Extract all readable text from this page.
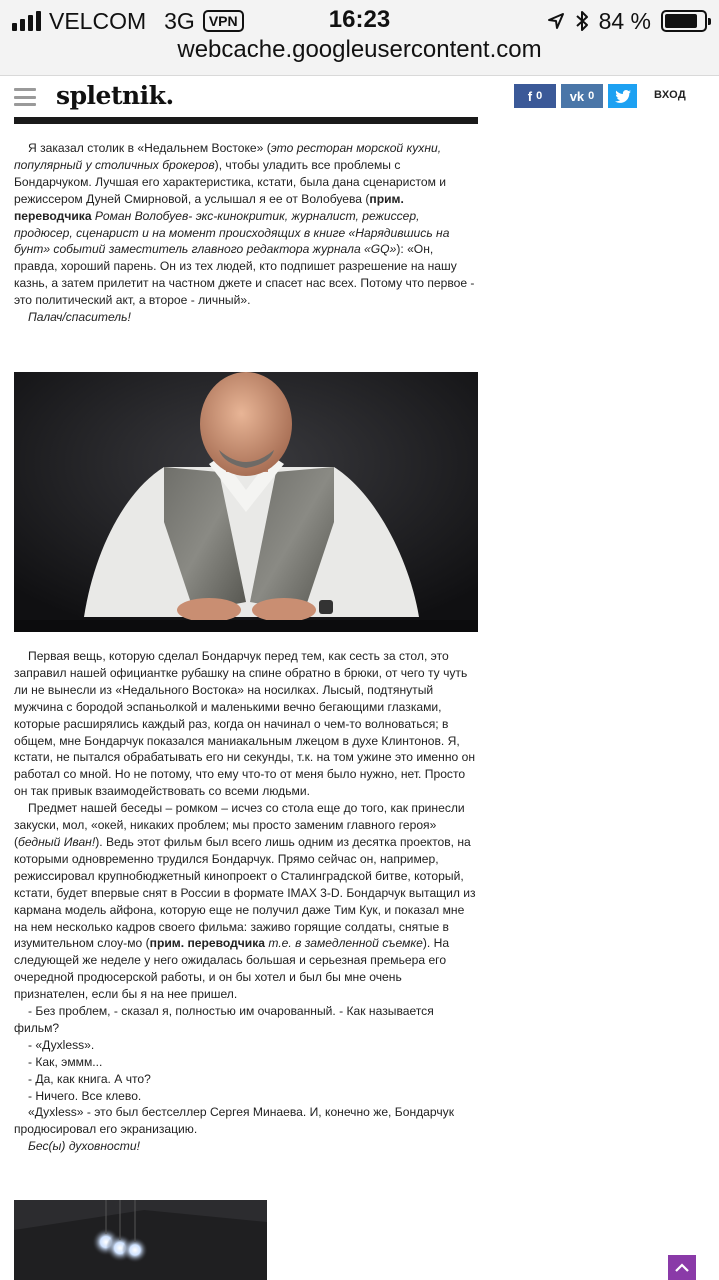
VELCOM 3G	VPN	16:23	84 %
webcache.googleusercontent.com
spletnik.	f 0 vk 0	ВХОД

Я заказал столик в «Недальнем Востоке» (это ресторан морской кухни, популярный у столичных брокеров), чтобы уладить все проблемы с Бондарчуком. Лучшая его характеристика, кстати, была дана сценаристом и режиссером Дуней Смирновой, а услышал я ее от Волобуева (прим. переводчика Роман Волобуев- экс-кинокритик, журналист, режиссер, продюсер, сценарист и на момент происходящих в книге «Нарядившись на бунт» событий заместитель главного редактора журнала «GQ»): «Он, правда, хороший парень. Он из тех людей, кто подпишет разрешение на нашу казнь, а затем прилетит на частном джете и спасет нас всех. Потому что первое - это политический акт, а второе - личный».

Палач/спаситель!

Первая вещь, которую сделал Бондарчук перед тем, как сесть за стол, это заправил нашей официантке рубашку на спине обратно в брюки, от чего ту чуть ли не вынесли из «Недального Востока» на носилках. Лысый, подтянутый мужчина с бородой эспаньолкой и маленькими вечно бегающими глазками, которые расширялись каждый раз, когда он начинал о чем-то волноваться; в общем, мне Бондарчук показался маниакальным лжецом в духе Клинтонов. Я, кстати, не пытался обрабатывать его ни секунды, т.к. на том ужине это именно он работал со мной. Но не потому, что ему что-то от меня было нужно, нет. Просто он так привык взаимодействовать со всеми людьми.

Предмет нашей беседы – ромком – исчез со стола еще до того, как принесли закуски, мол, «окей, никаких проблем; мы просто заменим главного героя» (бедный Иван!). Ведь этот фильм был всего лишь одним из десятка проектов, на которыми одновременно трудился Бондарчук. Прямо сейчас он, например, режиссировал крупнобюджетный кинопроект о Сталинградской битве, который, кстати, будет впервые снят в России в формате IMAX 3-D. Бондарчук вытащил из кармана модель айфона, которую еще не получил даже Тим Кук, и показал мне на нем несколько кадров своего фильма: заживо горящие солдаты, снятые в изумительном слоу-мо (прим. переводчика т.е. в замедленной съемке). На следующей же неделе у него ожидалась большая и серьезная премьера его очередной продюсерской работы, и он бы хотел и был бы мне очень признателен, если бы я на нее пришел.

- Без проблем, - сказал я, полностью им очарованный. - Как называется фильм?

- «Духless».

- Как, эммм...

- Да, как книга. А что?

- Ничего. Все клево.

«Духless» - это был бестселлер Сергея Минаева. И, конечно же, Бондарчук продюсировал его экранизацию.

Бес(ы) духовности!
